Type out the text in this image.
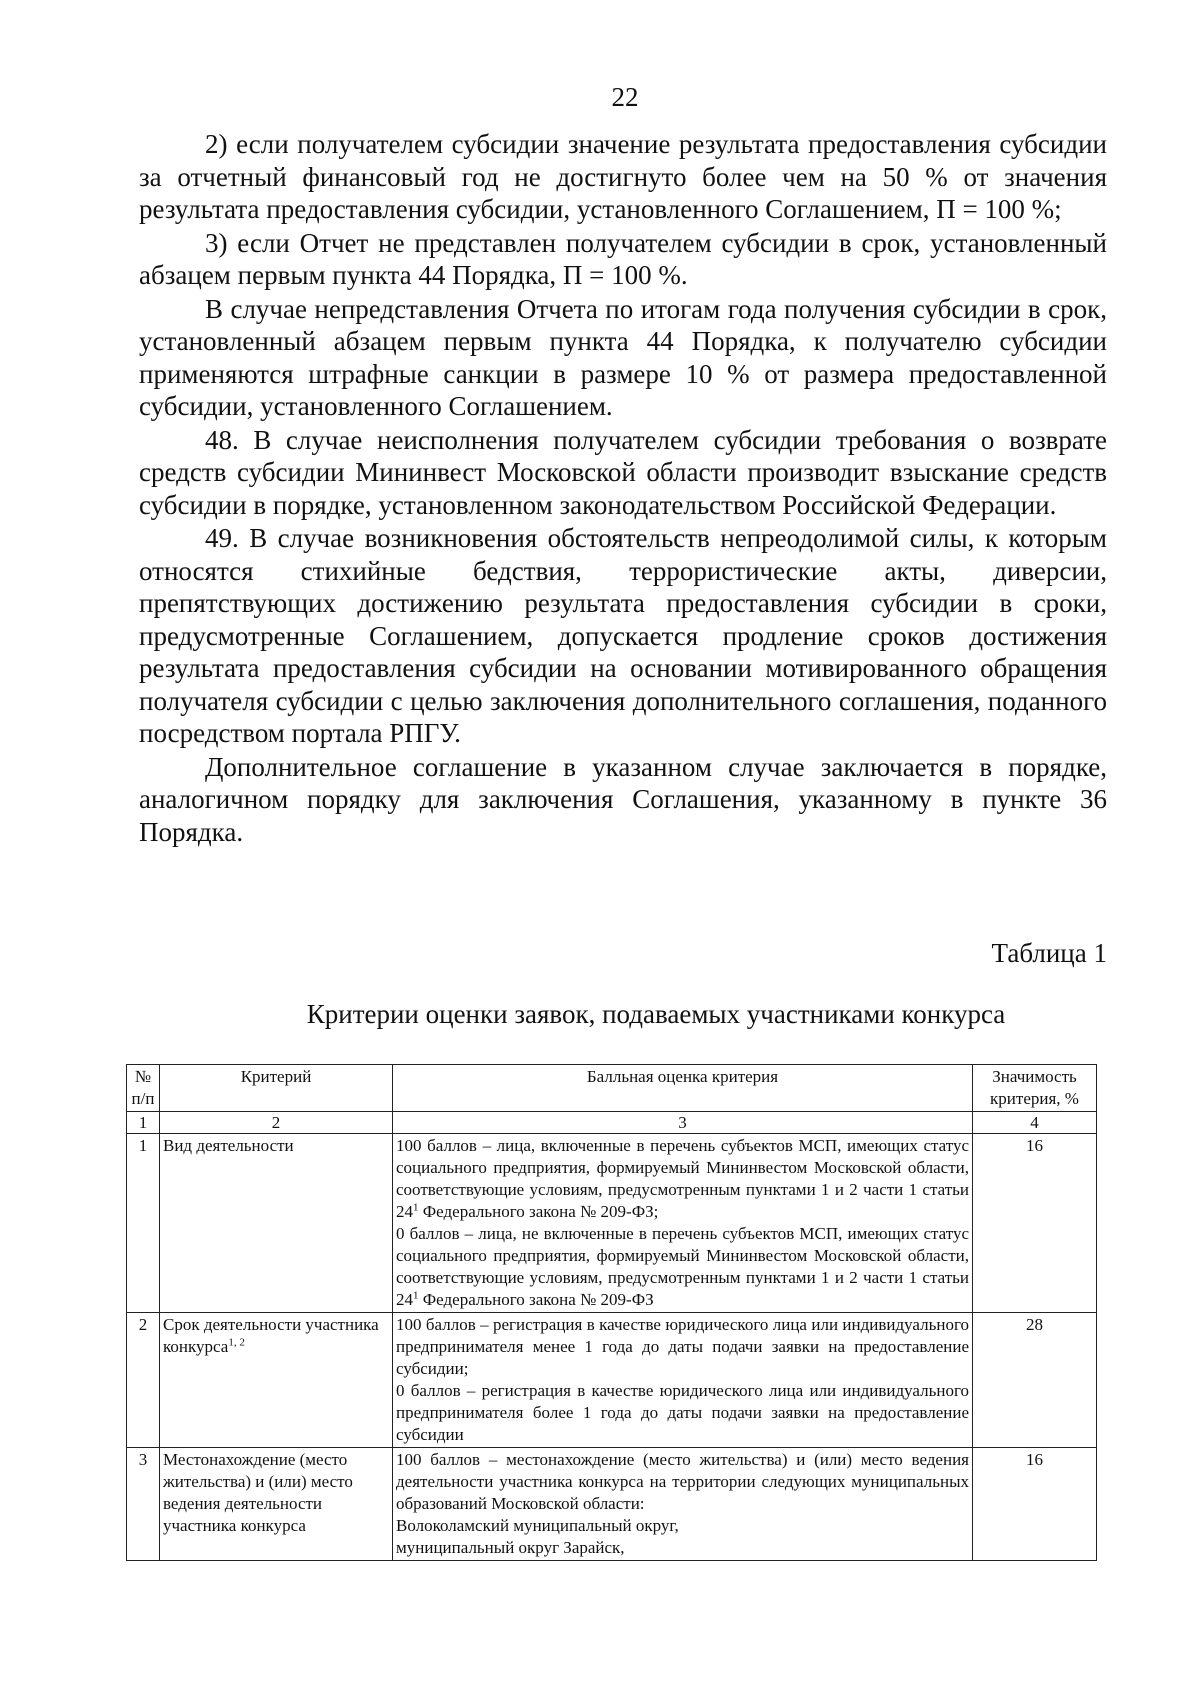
22

2) если получателем субсидии значение результата предоставления субсидии за отчетный финансовый год не достигнуто более чем на 50 % от значения результата предоставления субсидии, установленного Соглашением, П = 100 %;

3) если Отчет не представлен получателем субсидии в срок, установленный абзацем первым пункта 44 Порядка, П = 100 %.

В случае непредставления Отчета по итогам года получения субсидии в срок, установленный абзацем первым пункта 44 Порядка, к получателю субсидии применяются штрафные санкции в размере 10 % от размера предоставленной субсидии, установленного Соглашением.

48. В случае неисполнения получателем субсидии требования о возврате средств субсидии Мининвест Московской области производит взыскание средств субсидии в порядке, установленном законодательством Российской Федерации.

49. В случае возникновения обстоятельств непреодолимой силы, к которым относятся стихийные бедствия, террористические акты, диверсии, препятствующих достижению результата предоставления субсидии в сроки, предусмотренные Соглашением, допускается продление сроков достижения результата предоставления субсидии на основании мотивированного обращения получателя субсидии с целью заключения дополнительного соглашения, поданного посредством портала РПГУ.

Дополнительное соглашение в указанном случае заключается в порядке, аналогичном порядку для заключения Соглашения, указанному в пункте 36 Порядка.

Таблица 1
Критерии оценки заявок, подаваемых участниками конкурса
№ п/п	Критерий	Балльная оценка критерия	Значимость критерия, %
1	2	3	4
1	Вид деятельности	100 баллов – лица, включенные в перечень субъектов МСП, имеющих статус социального предприятия, формируемый Мининвестом Московской области, соответствующие условиям, предусмотренным пунктами 1 и 2 части 1 статьи $24^1$ Федерального закона № 209-ФЗ;
0 баллов – лица, не включенные в перечень субъектов МСП, имеющих статус социального предприятия, формируемый Мининвестом Московской области, соответствующие условиям, предусмотренным пунктами 1 и 2 части 1 статьи $24^1$ Федерального закона № 209-ФЗ	16
2	Срок деятельности участника конкурса$^{1, 2}$	100 баллов – регистрация в качестве юридического лица или индивидуального предпринимателя менее 1 года до даты подачи заявки на предоставление субсидии;
0 баллов – регистрация в качестве юридического лица или индивидуального предпринимателя более 1 года до даты подачи заявки на предоставление субсидии	28
3	Местонахождение (место жительства) и (или) место ведения деятельности участника конкурса	100 баллов – местонахождение (место жительства) и (или) место ведения деятельности участника конкурса на территории следующих муниципальных образований Московской области:
Волоколамский муниципальный округ,
муниципальный округ Зарайск,	16
